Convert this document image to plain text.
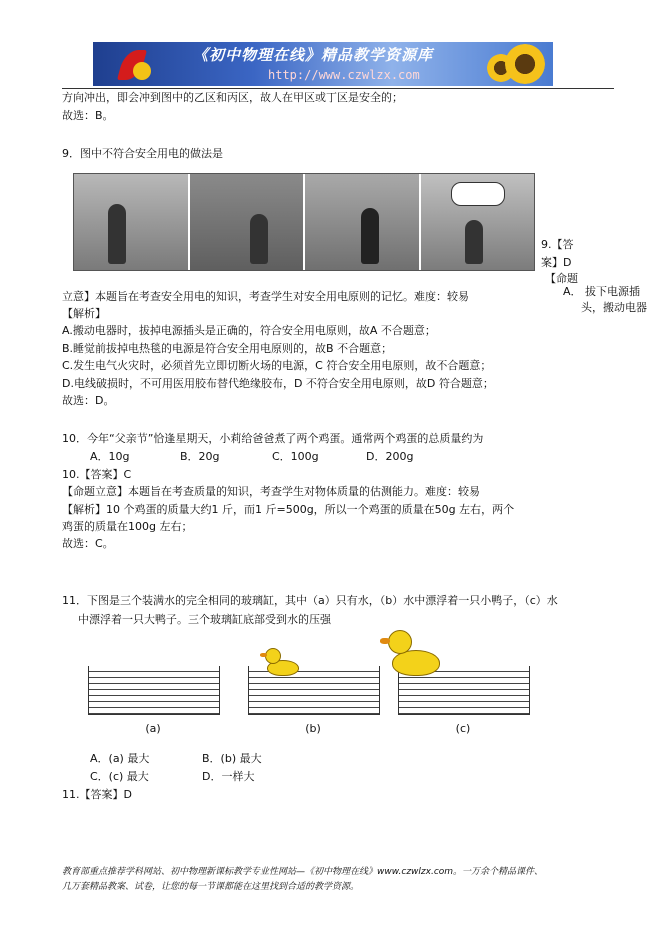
《初中物理在线》精品教学资源库
http://www.czwlzx.com
方向冲出，即会冲到图中的乙区和丙区，故人在甲区或丁区是安全的；
故选：B。
9．图中不符合安全用电的做法是
9.【答
案】D
【命题
A． 拔下电源插
头，搬动电器
立意】本题旨在考查安全用电的知识，考查学生对安全用电原则的记忆。难度：较易
【解析】
A.搬动电器时，拔掉电源插头是正确的，符合安全用电原则，故A 不合题意；
B.睡觉前拔掉电热毯的电源是符合安全用电原则的，故B 不合题意；
C.发生电气火灾时，必须首先立即切断火场的电源，C 符合安全用电原则，故不合题意；
D.电线破损时，不可用医用胶布替代绝缘胶布，D 不符合安全用电原则，故D 符合题意；
故选：D。
10．今年“父亲节”恰逢星期天，小莉给爸爸煮了两个鸡蛋。通常两个鸡蛋的总质量约为
A．10g	B．20g	C．100g	D．200g
10.【答案】C
【命题立意】本题旨在考查质量的知识，考查学生对物体质量的估测能力。难度：较易
【解析】10 个鸡蛋的质量大约1 斤，而1 斤=500g，所以一个鸡蛋的质量在50g 左右，两个
鸡蛋的质量在100g 左右；
故选：C。
11．下图是三个装满水的完全相同的玻璃缸，其中（a）只有水，（b）水中漂浮着一只小鸭子，（c）水
中漂浮着一只大鸭子。三个玻璃缸底部受到水的压强
(a)	(b)	(c)
A．(a) 最大	B．(b) 最大
C．(c) 最大	D．一样大
11.【答案】D
教育部重点推荐学科网站、初中物理新课标教学专业性网站—《初中物理在线》www.czwlzx.com。一万余个精品课件、
几万套精品教案、试卷，让您的每一节课都能在这里找到合适的教学资源。
